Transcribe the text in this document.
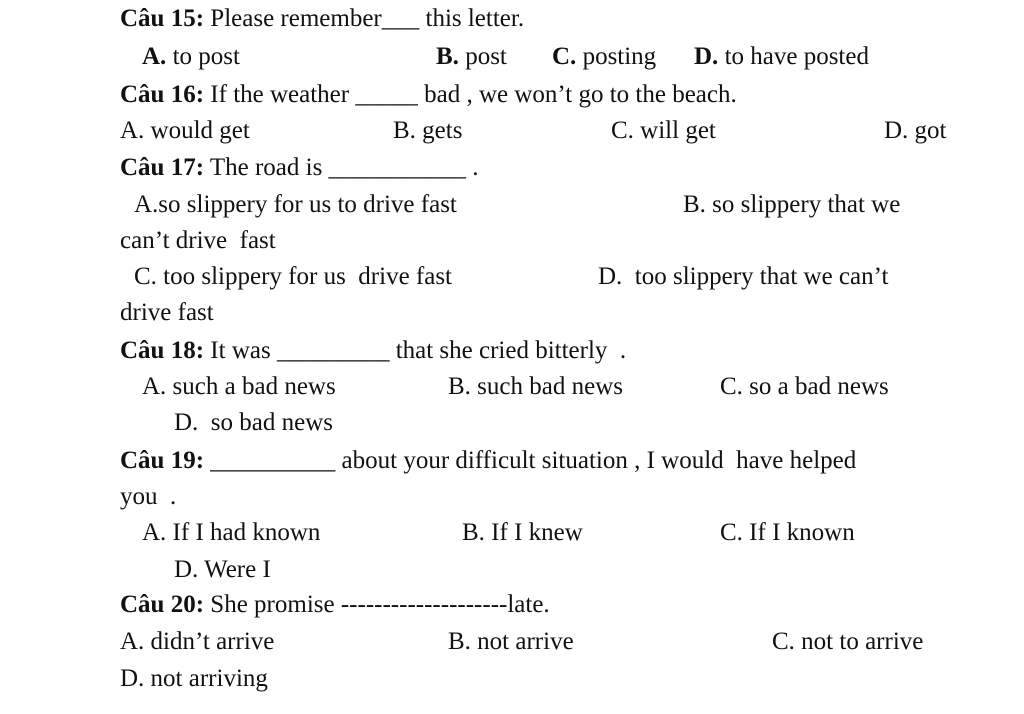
Câu 15: Please remember___ this letter.
A. to post	B. post C. posting D. to have posted
Câu 16: If the weather _____ bad , we won’t go to the beach.
A. would get	B. gets	C. will get	D. got
Câu 17: The road is ___________ .
A.so slippery for us to drive fast	B. so slippery that we
can’t drive  fast
C. too slippery for us  drive fast	D.  too slippery that we can’t
drive fast
Câu 18: It was _________ that she cried bitterly  .
A. such a bad news	B. such bad news	C. so a bad news
D.  so bad news
Câu 19: __________ about your difficult situation , I would  have helped
you  .
A. If I had known	B. If I knew	C. If I known
D. Were I
Câu 20: She promise --------------------late.
A. didn’t arrive	B. not arrive	C. not to arrive
D. not arriving
